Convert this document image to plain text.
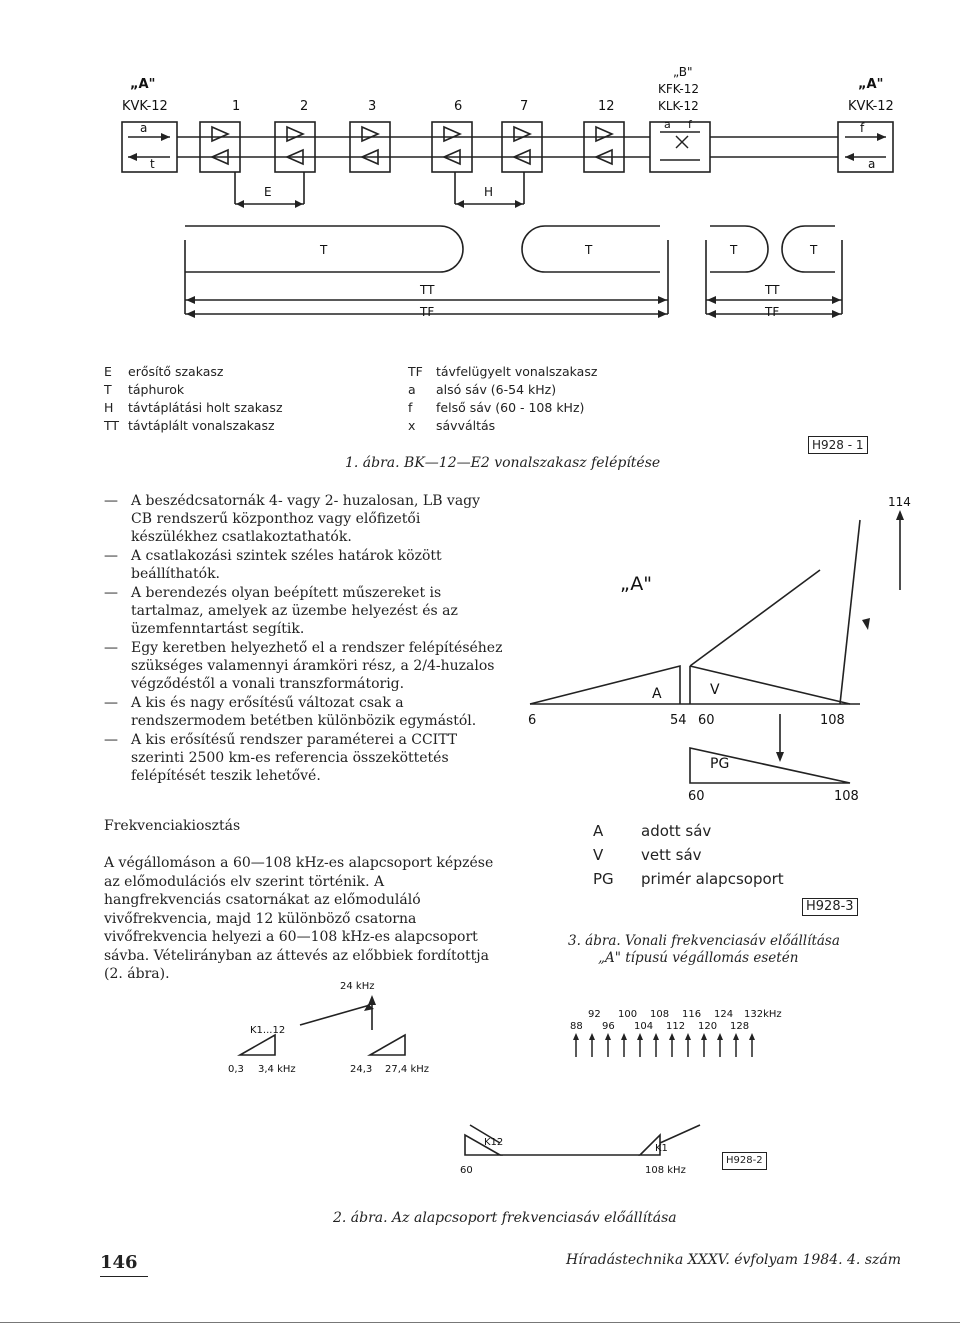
„A"
KVK-12
„B"
KFK-12
KLK-12
„A"
KVK-12
1	2	3	6	7	12
a
t
a f	f
a
E	H
T	T	T	T
TT
TF
TT
TF
E erősítő szakasz
T táphurok
H távtáplátási holt szakasz
TT távtáplált vonalszakasz
TF távfelügyelt vonalszakasz
a alsó sáv (6-54 kHz)
f felső sáv (60 - 108 kHz)
x sávváltás
H928 - 1
1. ábra. BK—12—E2 vonalszakasz felépítése
— A beszédcsatornák 4- vagy 2- huzalosan, LB vagy CB rendszerű központhoz vagy előfizetői készülékhez csatlakoztathatók.
— A csatlakozási szintek széles határok között beállíthatók.
— A berendezés olyan beépített műszereket is tartalmaz, amelyek az üzembe helyezést és az üzemfenntartást segítik.
— Egy keretben helyezhető el a rendszer felépítéséhez szükséges valamennyi áramköri rész, a 2/4-huzalos végződéstől a vonali transzformátorig.
— A kis és nagy erősítésű változat csak a rendszermodem betétben különbözik egymástól.
— A kis erősítésű rendszer paraméterei a CCITT szerinti 2500 km-es referencia összeköttetés felépítését teszik lehetővé.
Frekvenciakiosztás
A végállomáson a 60—108 kHz-es alapcsoport képzése az előmodulációs elv szerint történik. A hangfrekvenciás csatornákat az előmoduláló vivőfrekvencia, majd 12 különböző csatorna vivőfrekvencia helyezi a 60—108 kHz-es alapcsoport sávba. Vételirányban az áttevés az előbbiek fordítottja (2. ábra).
„A"
114
6	54 60	108
60	108
A	V
PG
A	adott sáv
V	vett sáv
PG primér alapcsoport
H928-3
3. ábra. Vonali frekvenciasáv előállítása
„A" típusú végállomás esetén
24 kHz
K1...12
0,3 3,4 kHz	24,3 27,4 kHz
92 100 108 116 124 132kHz
88 96 104 112 120 128
K12
K1
60	108 kHz
H928-2
2. ábra. Az alapcsoport frekvenciasáv előállítása
146	Híradástechnika XXXV. évfolyam 1984. 4. szám
